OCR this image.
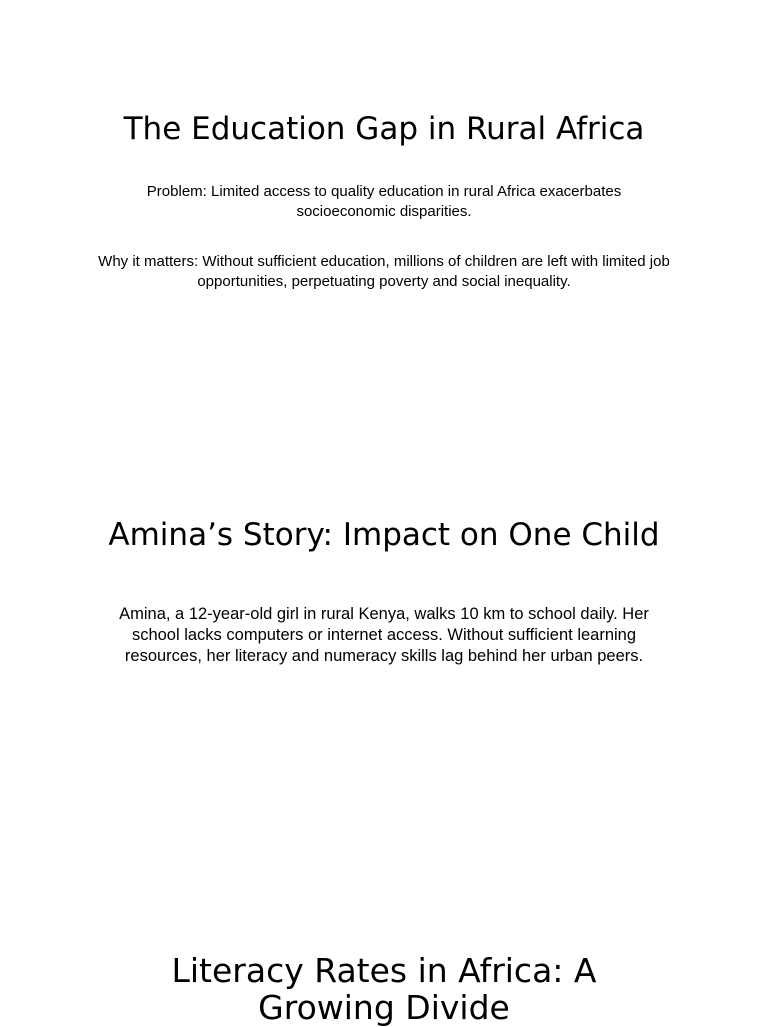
The Education Gap in Rural Africa

Problem: Limited access to quality education in rural Africa exacerbates socioeconomic disparities.

Why it matters: Without sufficient education, millions of children are left with limited job opportunities, perpetuating poverty and social inequality.

Amina’s Story: Impact on One Child

Amina, a 12-year-old girl in rural Kenya, walks 10 km to school daily. Her school lacks computers or internet access. Without sufficient learning resources, her literacy and numeracy skills lag behind her urban peers.

Literacy Rates in Africa: A Growing Divide
